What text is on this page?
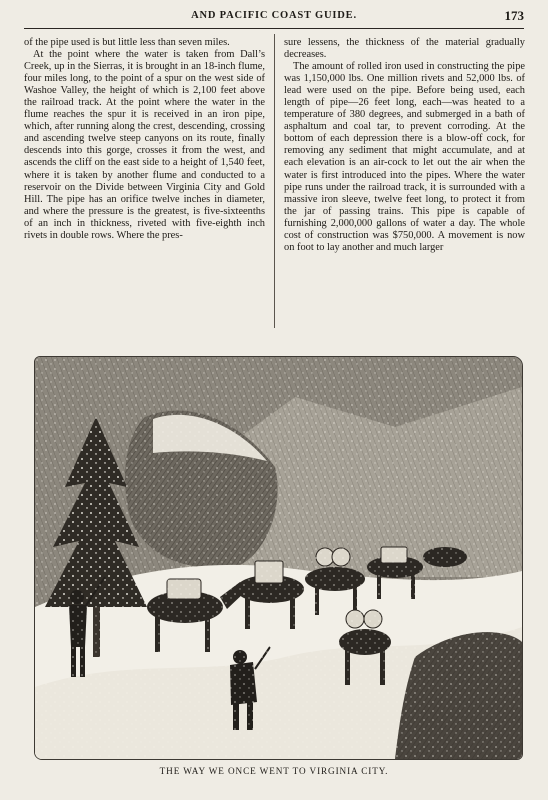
AND PACIFIC COAST GUIDE.	173

of the pipe used is but little less than seven miles.

At the point where the water is taken from Dall’s Creek, up in the Sierras, it is brought in an 18-inch flume, four miles long, to the point of a spur on the west side of Washoe Valley, the height of which is 2,100 feet above the railroad track. At the point where the water in the flume reaches the spur it is received in an iron pipe, which, after running along the crest, descending, crossing and ascending twelve steep canyons on its route, finally descends into this gorge, crosses it from the west, and ascends the cliff on the east side to a height of 1,540 feet, where it is taken by another flume and conducted to a reservoir on the Divide between Virginia City and Gold Hill. The pipe has an orifice twelve inches in diameter, and where the pressure is the greatest, is five-sixteenths of an inch in thickness, riveted with five-eighth inch rivets in double rows. Where the pres-

sure lessens, the thickness of the material gradually decreases.

The amount of rolled iron used in constructing the pipe was 1,150,000 lbs. One million rivets and 52,000 lbs. of lead were used on the pipe. Before being used, each length of pipe—26 feet long, each—was heated to a temperature of 380 degrees, and submerged in a bath of asphaltum and coal tar, to prevent corroding. At the bottom of each depression there is a blow-off cock, for removing any sediment that might accumulate, and at each elevation is an air-cock to let out the air when the water is first introduced into the pipes. Where the water pipe runs under the railroad track, it is surrounded with a massive iron sleeve, twelve feet long, to protect it from the jar of passing trains. This pipe is capable of furnishing 2,000,000 gallons of water a day. The whole cost of construction was $750,000. A movement is now on foot to lay another and much larger

THE WAY WE ONCE WENT TO VIRGINIA CITY.
